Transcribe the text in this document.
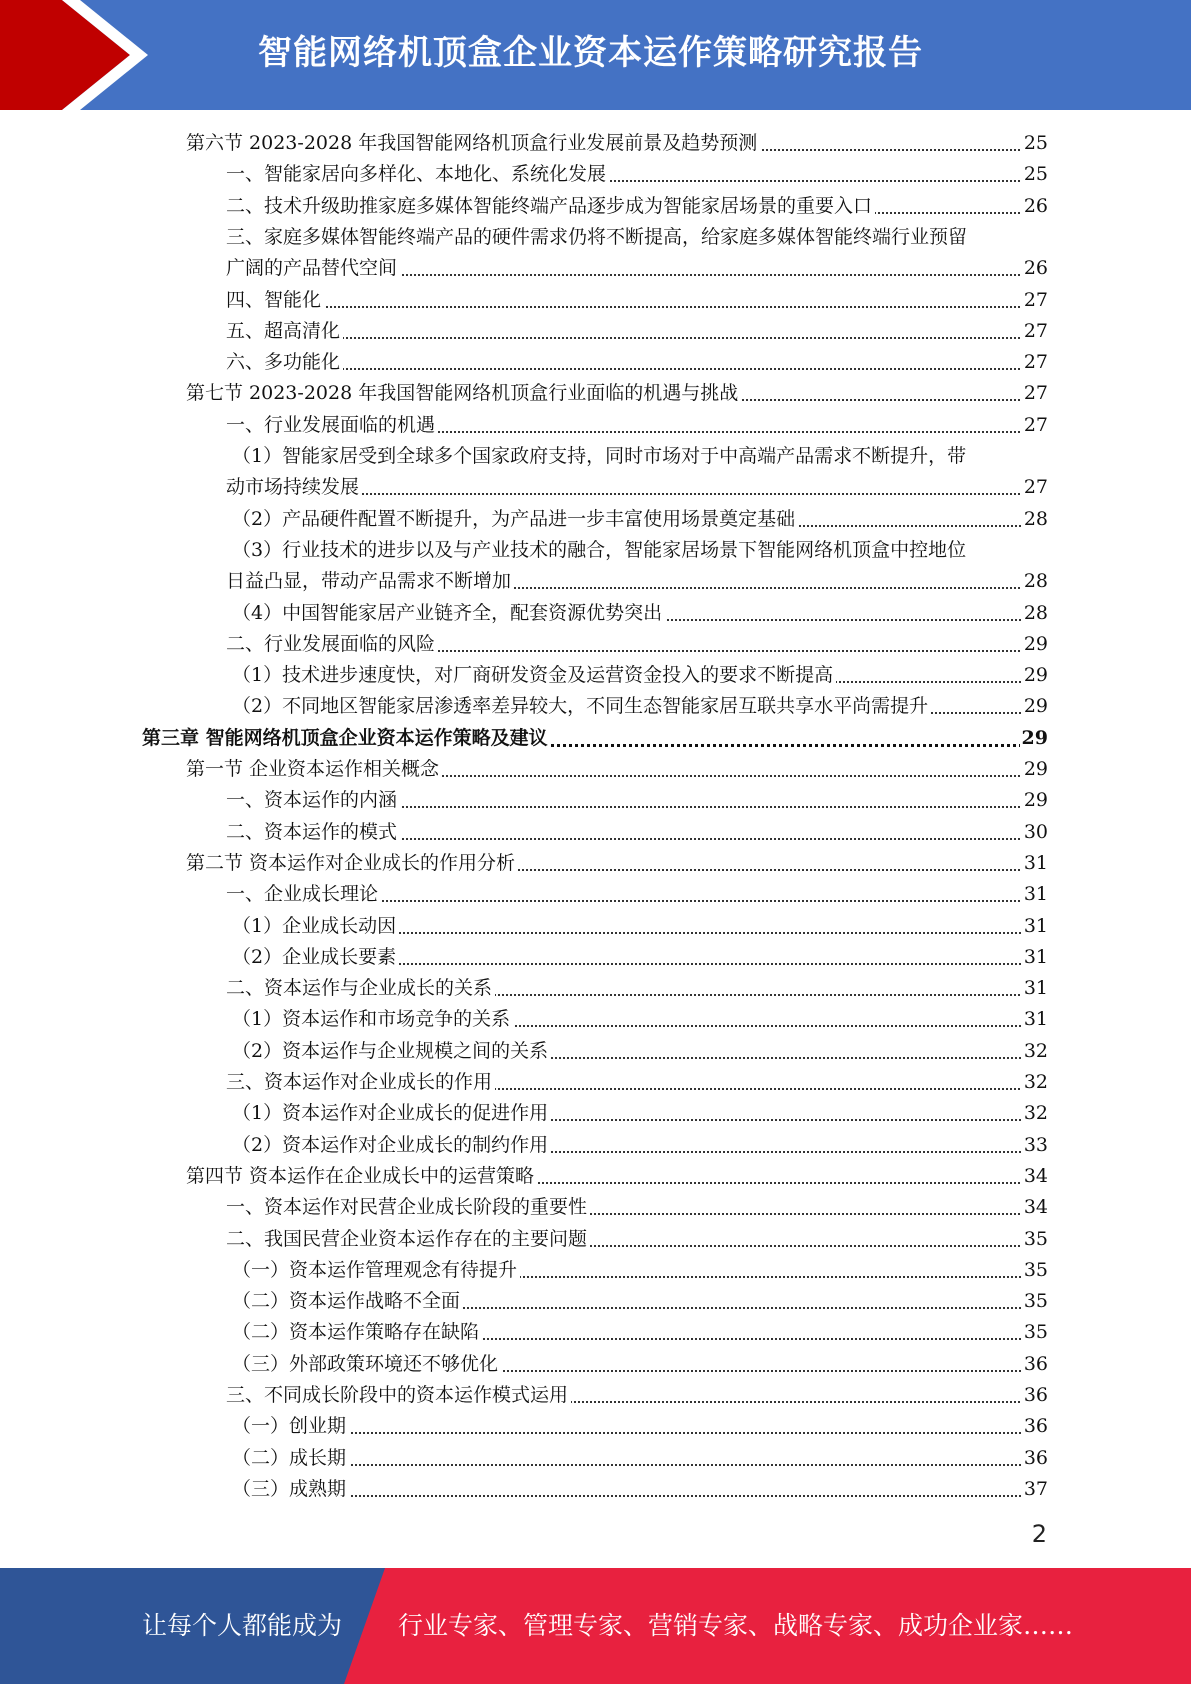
智能网络机顶盒企业资本运作策略研究报告
第六节 2023-2028 年我国智能网络机顶盒行业发展前景及趋势预测	25
一、智能家居向多样化、本地化、系统化发展	25
二、技术升级助推家庭多媒体智能终端产品逐步成为智能家居场景的重要入口	26
三、家庭多媒体智能终端产品的硬件需求仍将不断提高，给家庭多媒体智能终端行业预留
广阔的产品替代空间	26
四、智能化	27
五、超高清化	27
六、多功能化	27
第七节 2023-2028 年我国智能网络机顶盒行业面临的机遇与挑战	27
一、行业发展面临的机遇	27
（1）智能家居受到全球多个国家政府支持，同时市场对于中高端产品需求不断提升，带
动市场持续发展	27
（2）产品硬件配置不断提升，为产品进一步丰富使用场景奠定基础	28
（3）行业技术的进步以及与产业技术的融合，智能家居场景下智能网络机顶盒中控地位
日益凸显，带动产品需求不断增加	28
（4）中国智能家居产业链齐全，配套资源优势突出	28
二、行业发展面临的风险	29
（1）技术进步速度快，对厂商研发资金及运营资金投入的要求不断提高	29
（2）不同地区智能家居渗透率差异较大，不同生态智能家居互联共享水平尚需提升	29
第三章 智能网络机顶盒企业资本运作策略及建议	29
第一节 企业资本运作相关概念	29
一、资本运作的内涵	29
二、资本运作的模式	30
第二节 资本运作对企业成长的作用分析	31
一、企业成长理论	31
（1）企业成长动因	31
（2）企业成长要素	31
二、资本运作与企业成长的关系	31
（1）资本运作和市场竞争的关系	31
（2）资本运作与企业规模之间的关系	32
三、资本运作对企业成长的作用	32
（1）资本运作对企业成长的促进作用	32
（2）资本运作对企业成长的制约作用	33
第四节 资本运作在企业成长中的运营策略	34
一、资本运作对民营企业成长阶段的重要性	34
二、我国民营企业资本运作存在的主要问题	35
（一）资本运作管理观念有待提升	35
（二）资本运作战略不全面	35
（二）资本运作策略存在缺陷	35
（三）外部政策环境还不够优化	36
三、不同成长阶段中的资本运作模式运用	36
（一）创业期	36
（二）成长期	36
（三）成熟期	37
2
让每个人都能成为 行业专家、管理专家、营销专家、战略专家、成功企业家……
